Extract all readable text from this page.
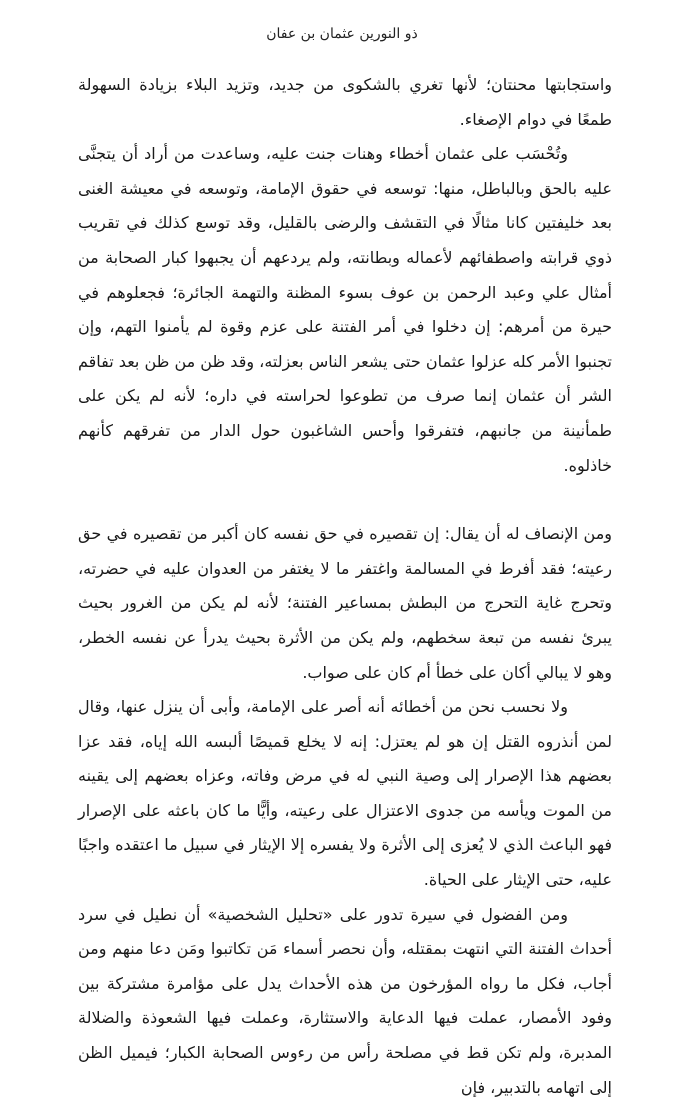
ذو النورين عثمان بن عفان

واستجابتها محنتان؛ لأنها تغري بالشكوى من جديد، وتزيد البلاء بزيادة السهولة طمعًا في دوام الإصغاء.

وتُحْسَب على عثمان أخطاء وهنات جنت عليه، وساعدت من أراد أن يتجنَّى عليه بالحق وبالباطل، منها: توسعه في حقوق الإمامة، وتوسعه في معيشة الغنى بعد خليفتين كانا مثالًا في التقشف والرضى بالقليل، وقد توسع كذلك في تقريب ذوي قرابته واصطفائهم لأعماله وبطانته، ولم يردعهم أن يجبهوا كبار الصحابة من أمثال علي وعبد الرحمن بن عوف بسوء المظنة والتهمة الجائرة؛ فجعلوهم في حيرة من أمرهم: إن دخلوا في أمر الفتنة على عزم وقوة لم يأمنوا التهم، وإن تجنبوا الأمر كله عزلوا عثمان حتى يشعر الناس بعزلته، وقد ظن من ظن بعد تفاقم الشر أن عثمان إنما صرف من تطوعوا لحراسته في داره؛ لأنه لم يكن على طمأنينة من جانبهم، فتفرقوا وأحس الشاغبون حول الدار من تفرقهم كأنهم خاذلوه.

ومن الإنصاف له أن يقال: إن تقصيره في حق نفسه كان أكبر من تقصيره في حق رعيته؛ فقد أفرط في المسالمة واغتفر ما لا يغتفر من العدوان عليه في حضرته، وتحرج غاية التحرج من البطش بمساعير الفتنة؛ لأنه لم يكن من الغرور بحيث يبرئ نفسه من تبعة سخطهم، ولم يكن من الأثرة بحيث يدرأ عن نفسه الخطر، وهو لا يبالي أكان على خطأ أم كان على صواب.

ولا نحسب نحن من أخطائه أنه أصر على الإمامة، وأبى أن ينزل عنها، وقال لمن أنذروه القتل إن هو لم يعتزل: إنه لا يخلع قميصًا ألبسه الله إياه، فقد عزا بعضهم هذا الإصرار إلى وصية النبي له في مرض وفاته، وعزاه بعضهم إلى يقينه من الموت ويأسه من جدوى الاعتزال على رعيته، وأيًّا ما كان باعثه على الإصرار فهو الباعث الذي لا يُعزى إلى الأثرة ولا يفسره إلا الإيثار في سبيل ما اعتقده واجبًا عليه، حتى الإيثار على الحياة.

ومن الفضول في سيرة تدور على «تحليل الشخصية» أن نطيل في سرد أحداث الفتنة التي انتهت بمقتله، وأن نحصر أسماء مَن تكاتبوا ومَن دعا منهم ومن أجاب، فكل ما رواه المؤرخون من هذه الأحداث يدل على مؤامرة مشتركة بين وفود الأمصار، عملت فيها الدعاية والاستثارة، وعملت فيها الشعوذة والضلالة المدبرة، ولم تكن قط في مصلحة رأس من رءوس الصحابة الكبار؛ فيميل الظن إلى اتهامه بالتدبير، فإن
